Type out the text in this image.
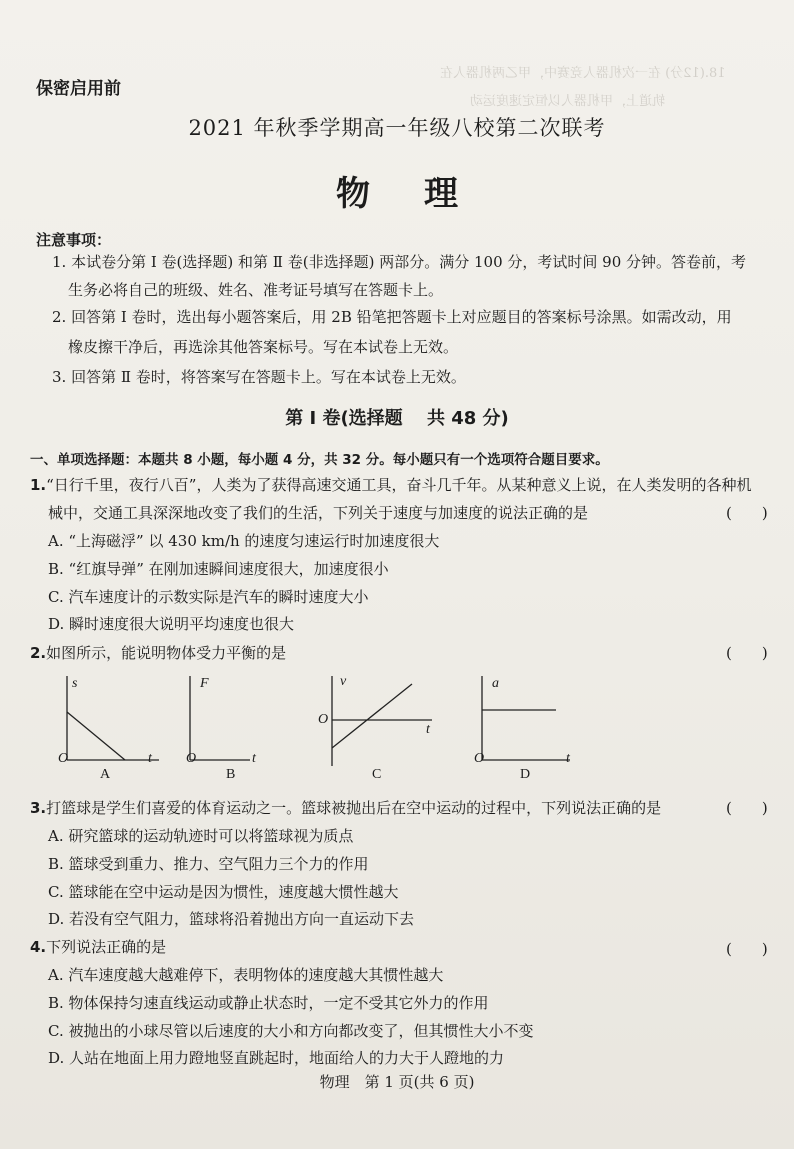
18.(12分) 在一次机器人竞赛中，甲乙两机器人在
轨道上，甲机器人以恒定速度运动
保密启用前
2021 年秋季学期高一年级八校第二次联考
物理
注意事项：
1. 本试卷分第 Ⅰ 卷(选择题) 和第 Ⅱ 卷(非选择题) 两部分。满分 100 分，考试时间 90 分钟。答卷前，考
生务必将自己的班级、姓名、准考证号填写在答题卡上。
2. 回答第 Ⅰ 卷时，选出每小题答案后，用 2B 铅笔把答题卡上对应题目的答案标号涂黑。如需改动，用
橡皮擦干净后，再选涂其他答案标号。写在本试卷上无效。
3. 回答第 Ⅱ 卷时，将答案写在答题卡上。写在本试卷上无效。
第 Ⅰ 卷(选择题　 共 48 分)
一、单项选择题：本题共 8 小题，每小题 4 分，共 32 分。每小题只有一个选项符合题目要求。
1.“日行千里，夜行八百”，人类为了获得高速交通工具，奋斗几千年。从某种意义上说，在人类发明的各种机
械中，交通工具深深地改变了我们的生活，下列关于速度与加速度的说法正确的是	(　　)
A. “上海磁浮” 以 430 km/h 的速度匀速运行时加速度很大
B. “红旗导弹” 在刚加速瞬间速度很大，加速度很小
C. 汽车速度计的示数实际是汽车的瞬时速度大小
D. 瞬时速度很大说明平均速度也很大
2.如图所示，能说明物体受力平衡的是	(　　)
s
O	t
A
F
O	t
B
v
O
t
C
a
O	t
D
3.打篮球是学生们喜爱的体育运动之一。篮球被抛出后在空中运动的过程中，下列说法正确的是	(　　)
A. 研究篮球的运动轨迹时可以将篮球视为质点
B. 篮球受到重力、推力、空气阻力三个力的作用
C. 篮球能在空中运动是因为惯性，速度越大惯性越大
D. 若没有空气阻力，篮球将沿着抛出方向一直运动下去
4.下列说法正确的是	(　　)
A. 汽车速度越大越难停下，表明物体的速度越大其惯性越大
B. 物体保持匀速直线运动或静止状态时，一定不受其它外力的作用
C. 被抛出的小球尽管以后速度的大小和方向都改变了，但其惯性大小不变
D. 人站在地面上用力蹬地竖直跳起时，地面给人的力大于人蹬地的力
物理　第 1 页(共 6 页)
